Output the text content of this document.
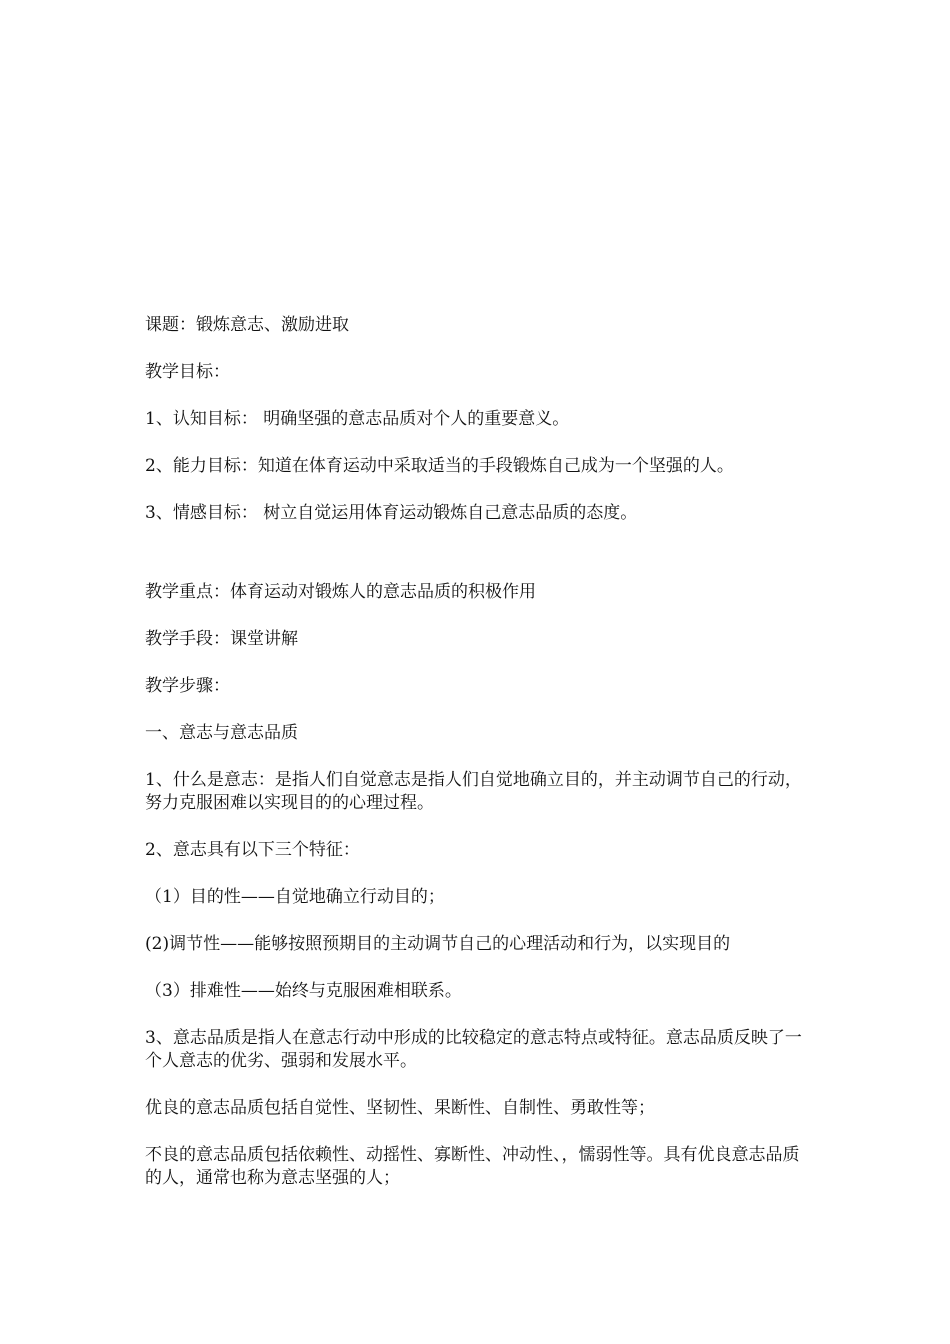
课题：锻炼意志、激励进取

教学目标：

1、认知目标： 明确坚强的意志品质对个人的重要意义。

2、能力目标：知道在体育运动中采取适当的手段锻炼自己成为一个坚强的人。

3、情感目标： 树立自觉运用体育运动锻炼自己意志品质的态度。

教学重点：体育运动对锻炼人的意志品质的积极作用

教学手段：课堂讲解

教学步骤：

一、意志与意志品质

1、什么是意志：是指人们自觉意志是指人们自觉地确立目的，并主动调节自己的行动，努力克服困难以实现目的的心理过程。

2、意志具有以下三个特征：

（1）目的性——自觉地确立行动目的；

(2)调节性——能够按照预期目的主动调节自己的心理活动和行为，以实现目的

（3）排难性——始终与克服困难相联系。

3、意志品质是指人在意志行动中形成的比较稳定的意志特点或特征。意志品质反映了一个人意志的优劣、强弱和发展水平。

优良的意志品质包括自觉性、坚韧性、果断性、自制性、勇敢性等；

不良的意志品质包括依赖性、动摇性、寡断性、冲动性、，懦弱性等。具有优良意志品质的人，通常也称为意志坚强的人；
